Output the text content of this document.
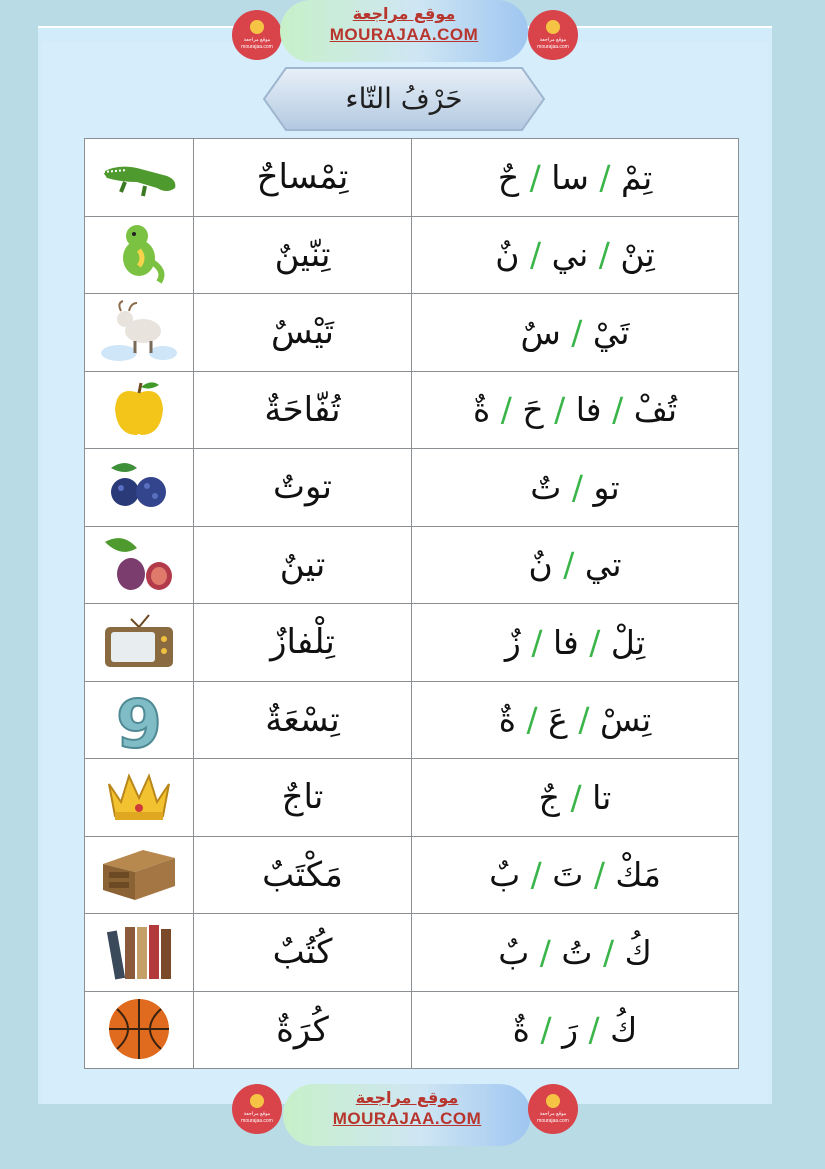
موقع مراجعة
mourajaa.com
موقع مراجعة
MOURAJAA.COM	موقع مراجعة
mourajaa.com
حَرْفُ التّاء
	تِمْساحٌ	تِمْ / سا / حٌ
	تِنّينٌ	تِنْ / ني / نٌ
	تَيْسٌ	تَيْ / سٌ
	تُفّاحَةٌ	تُفْ / فا / حَ / ةٌ
	توتٌ	تو / تٌ
	تينٌ	تي / نٌ
	تِلْفازٌ	تِلْ / فا / زٌ

9	تِسْعَةٌ	تِسْ / عَ / ةٌ
	تاجٌ	تا / جٌ
	مَكْتَبٌ	مَكْ / تَ / بٌ
	كُتُبٌ	كُ / تُ / بٌ
	كُرَةٌ	كُ / رَ / ةٌ
موقع مراجعة
mourajaa.com
موقع مراجعة
MOURAJAA.COM	موقع مراجعة
mourajaa.com
